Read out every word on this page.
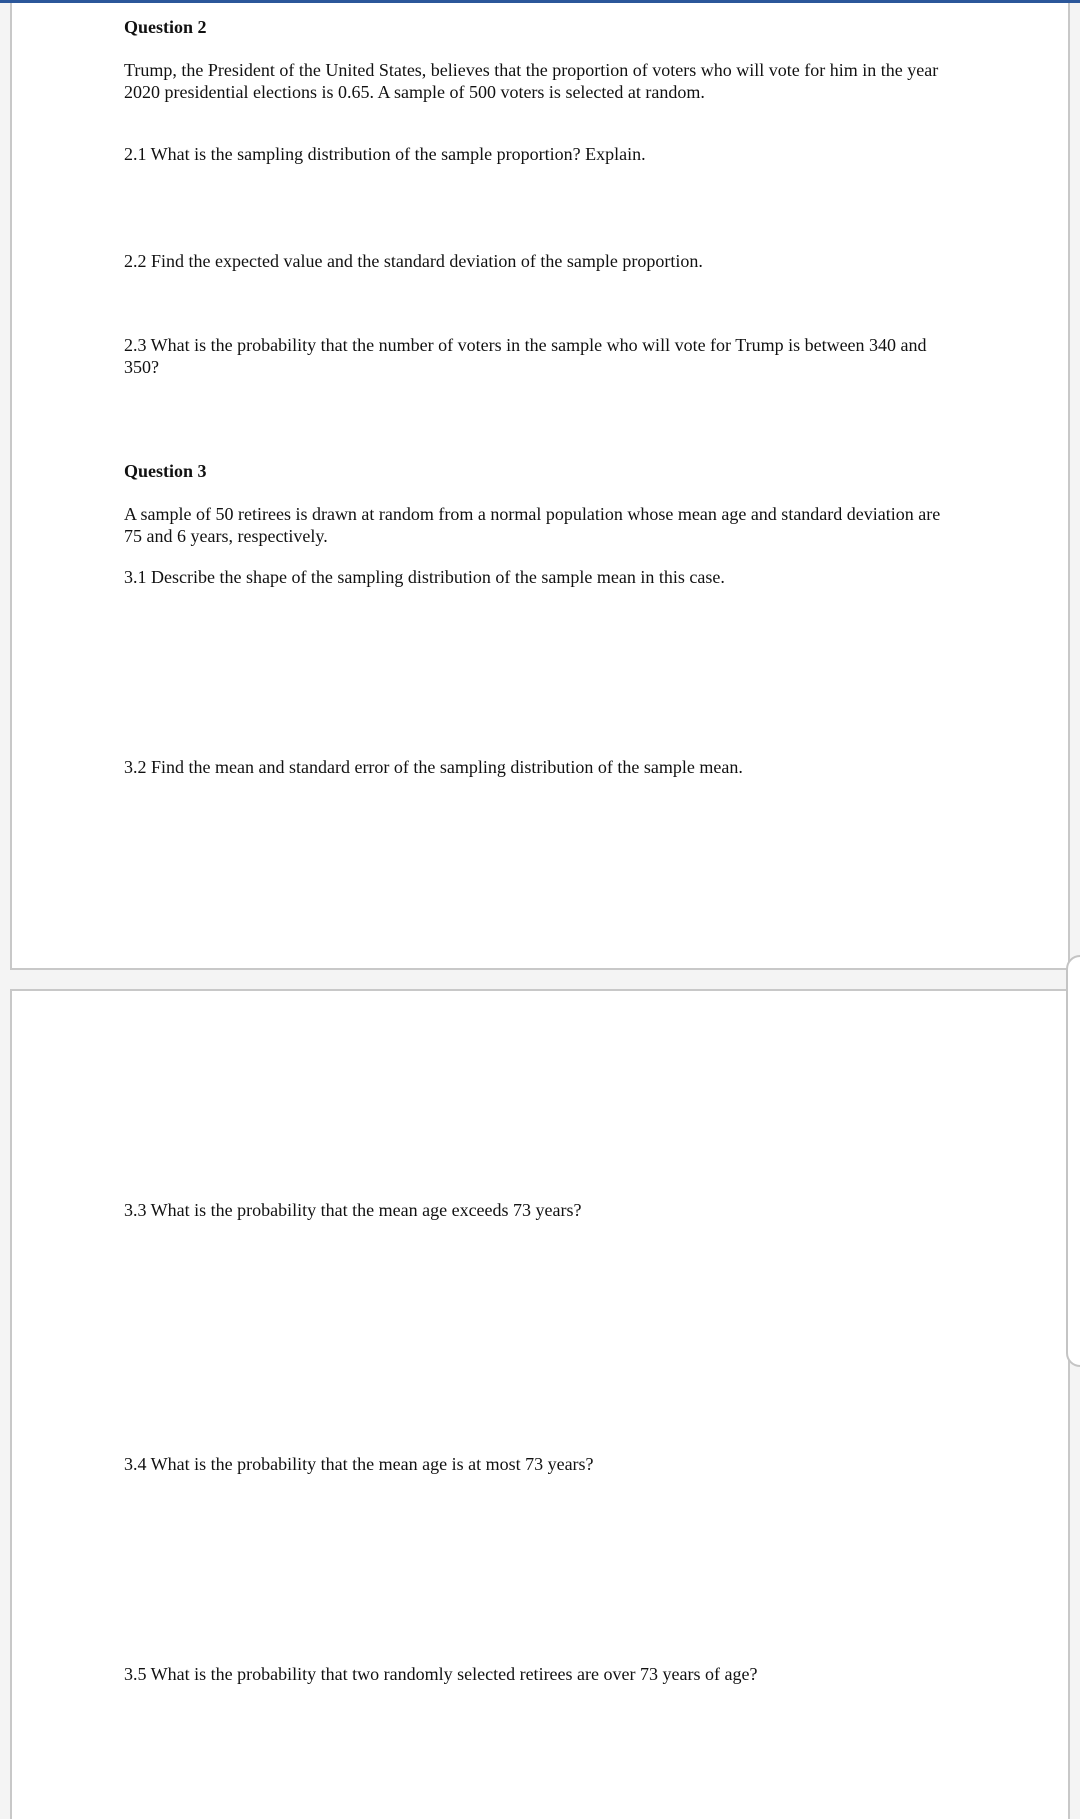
Question 2

Trump, the President of the United States, believes that the proportion of voters who will vote for him in the year 2020 presidential elections is 0.65. A sample of 500 voters is selected at random.

2.1 What is the sampling distribution of the sample proportion? Explain.

2.2 Find the expected value and the standard deviation of the sample proportion.

2.3 What is the probability that the number of voters in the sample who will vote for Trump is between 340 and 350?

Question 3

A sample of 50 retirees is drawn at random from a normal population whose mean age and standard deviation are 75 and 6 years, respectively.

3.1 Describe the shape of the sampling distribution of the sample mean in this case.

3.2 Find the mean and standard error of the sampling distribution of the sample mean.

3.3 What is the probability that the mean age exceeds 73 years?

3.4 What is the probability that the mean age is at most 73 years?

3.5 What is the probability that two randomly selected retirees are over 73 years of age?
